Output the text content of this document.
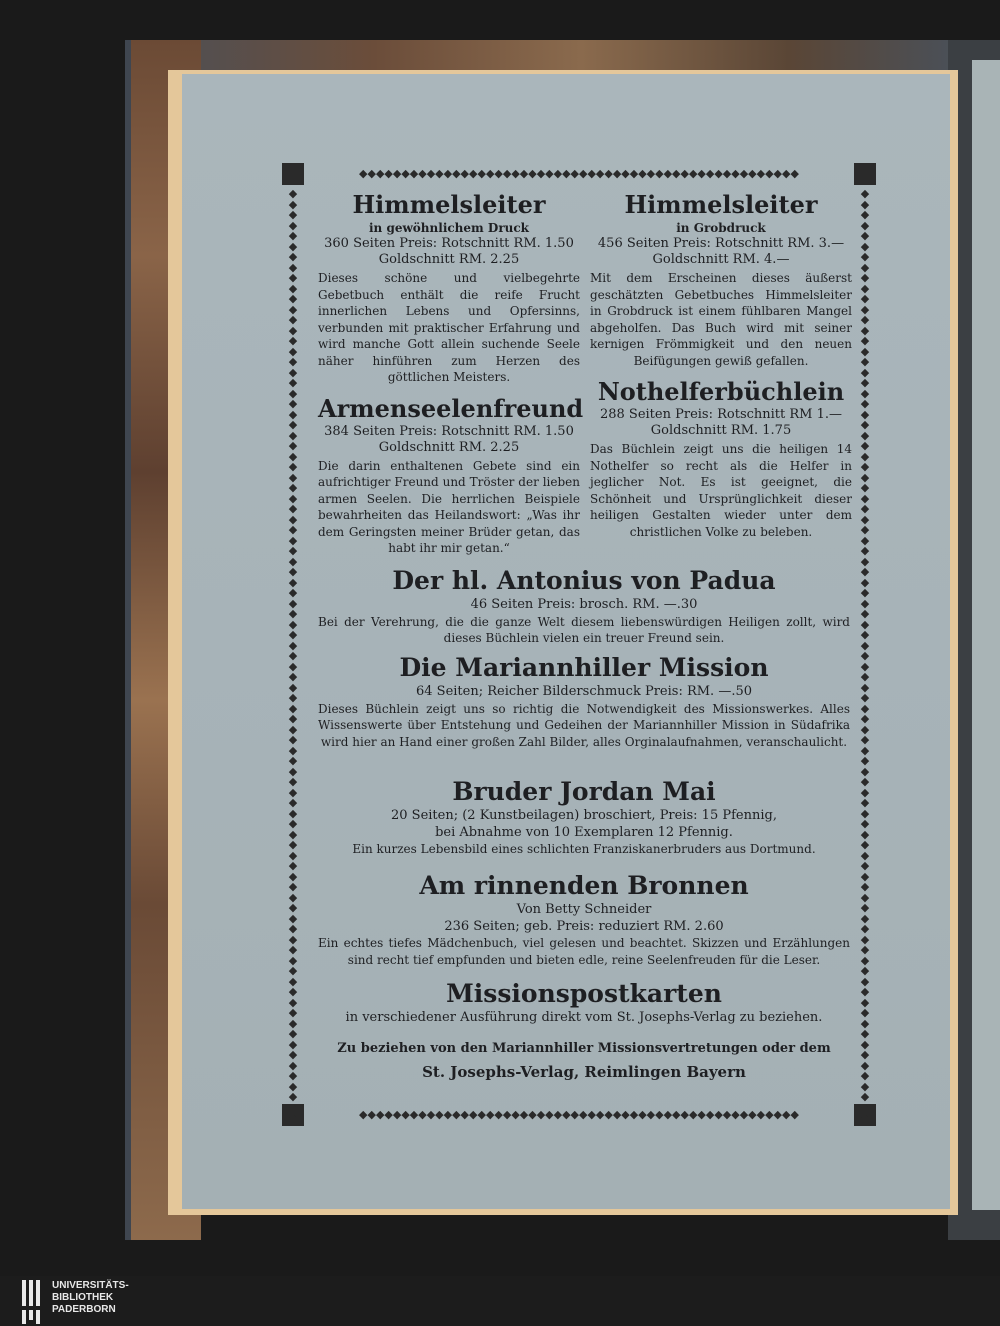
◆◆◆◆◆◆◆◆◆◆◆◆◆◆◆◆◆◆◆◆◆◆◆◆◆◆◆◆◆◆◆◆◆◆◆◆◆◆◆◆◆◆◆◆◆◆◆◆◆◆◆◆
◆◆◆◆◆◆◆◆◆◆◆◆◆◆◆◆◆◆◆◆◆◆◆◆◆◆◆◆◆◆◆◆◆◆◆◆◆◆◆◆◆◆◆◆◆◆◆◆◆◆◆◆
◆◆◆◆◆◆◆◆◆◆◆◆◆◆◆◆◆◆◆◆◆◆◆◆◆◆◆◆◆◆◆◆◆◆◆◆◆◆◆◆◆◆◆◆◆◆◆◆◆◆◆◆◆◆◆◆◆◆◆◆◆◆◆◆◆◆◆◆◆◆◆◆◆◆◆◆◆◆◆◆◆◆◆◆◆◆◆◆◆
◆◆◆◆◆◆◆◆◆◆◆◆◆◆◆◆◆◆◆◆◆◆◆◆◆◆◆◆◆◆◆◆◆◆◆◆◆◆◆◆◆◆◆◆◆◆◆◆◆◆◆◆◆◆◆◆◆◆◆◆◆◆◆◆◆◆◆◆◆◆◆◆◆◆◆◆◆◆◆◆◆◆◆◆◆◆◆◆◆

Himmelsleiter

in gewöhnlichem Druck

360 Seiten Preis: Rotschnitt RM. 1.50

Goldschnitt RM. 2.25

Dieses schöne und vielbegehrte Gebetbuch enthält die reife Frucht innerlichen Lebens und Opfersinns, verbunden mit praktischer Erfahrung und wird manche Gott allein suchende Seele näher hinführen zum Herzen des göttlichen Meisters.

Armenseelenfreund

384 Seiten Preis: Rotschnitt RM. 1.50

Goldschnitt RM. 2.25

Die darin enthaltenen Gebete sind ein aufrichtiger Freund und Tröster der lieben armen Seelen. Die herrlichen Beispiele bewahrheiten das Heilandswort: „Was ihr dem Geringsten meiner Brüder getan, das habt ihr mir getan.“

Himmelsleiter

in Grobdruck

456 Seiten Preis: Rotschnitt RM. 3.—

Goldschnitt RM. 4.—

Mit dem Erscheinen dieses äußerst geschätzten Gebetbuches Himmelsleiter in Grobdruck ist einem fühlbaren Mangel abgeholfen. Das Buch wird mit seiner kernigen Frömmigkeit und den neuen Beifügungen gewiß gefallen.

Nothelferbüchlein

288 Seiten Preis: Rotschnitt RM 1.—

Goldschnitt RM. 1.75

Das Büchlein zeigt uns die heiligen 14 Nothelfer so recht als die Helfer in jeglicher Not. Es ist geeignet, die Schönheit und Ursprünglichkeit dieser heiligen Gestalten wieder unter dem christlichen Volke zu beleben.

Der hl. Antonius von Padua

46 Seiten Preis: brosch. RM. —.30

Bei der Verehrung, die die ganze Welt diesem liebenswürdigen Heiligen zollt, wird dieses Büchlein vielen ein treuer Freund sein.

Die Mariannhiller Mission

64 Seiten; Reicher Bilderschmuck Preis: RM. —.50

Dieses Büchlein zeigt uns so richtig die Notwendigkeit des Missionswerkes. Alles Wissenswerte über Entstehung und Gedeihen der Mariannhiller Mission in Südafrika wird hier an Hand einer großen Zahl Bilder, alles Orginalaufnahmen, veranschaulicht.

Bruder Jordan Mai

20 Seiten; (2 Kunstbeilagen) broschiert, Preis: 15 Pfennig,

bei Abnahme von 10 Exemplaren 12 Pfennig.

Ein kurzes Lebensbild eines schlichten Franziskanerbruders aus Dortmund.

Am rinnenden Bronnen

Von Betty Schneider

236 Seiten; geb. Preis: reduziert RM. 2.60

Ein echtes tiefes Mädchenbuch, viel gelesen und beachtet. Skizzen und Erzählungen sind recht tief empfunden und bieten edle, reine Seelenfreuden für die Leser.

Missionspostkarten

in verschiedener Ausführung direkt vom St. Josephs-Verlag zu beziehen.

Zu beziehen von den Mariannhiller Missionsvertretungen oder dem

St. Josephs-Verlag, Reimlingen Bayern

UNIVERSITÄTS-
BIBLIOTHEK
PADERBORN
